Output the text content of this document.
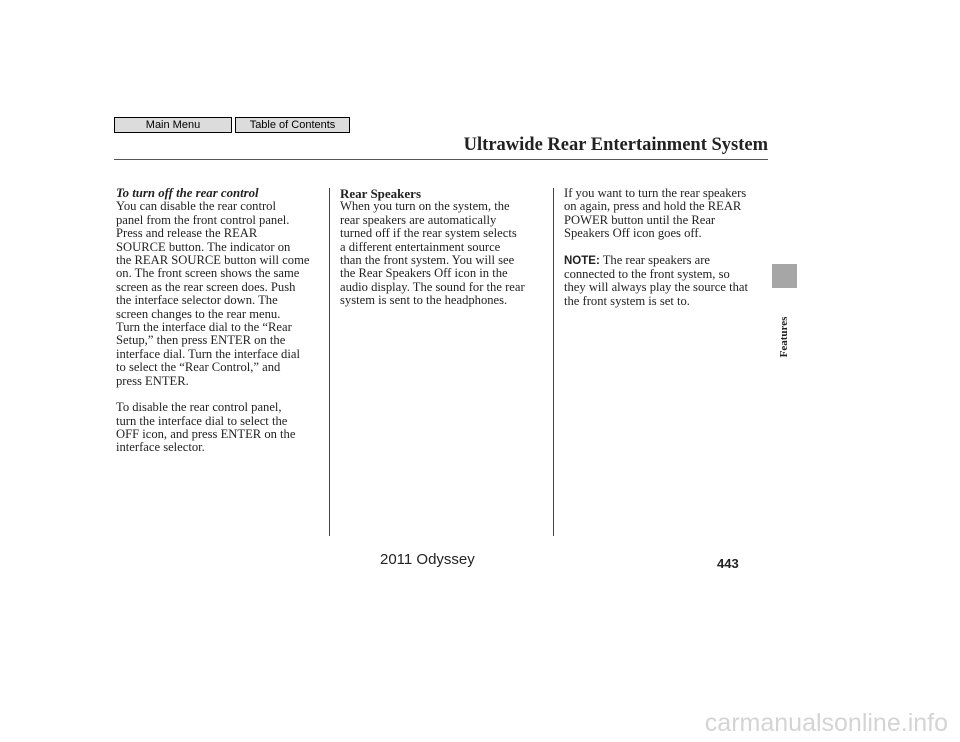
Main Menu	Table of Contents
Ultrawide Rear Entertainment System
Features

To turn off the rear control

You can disable the rear control

panel from the front control panel.

Press and release the REAR

SOURCE button. The indicator on

the REAR SOURCE button will come

on. The front screen shows the same

screen as the rear screen does. Push

the interface selector down. The

screen changes to the rear menu.

Turn the interface dial to the “Rear

Setup,” then press ENTER on the

interface dial. Turn the interface dial

to select the “Rear Control,” and

press ENTER.

To disable the rear control panel,

turn the interface dial to select the

OFF icon, and press ENTER on the

interface selector.

Rear Speakers

When you turn on the system, the

rear speakers are automatically

turned off if the rear system selects

a different entertainment source

than the front system. You will see

the Rear Speakers Off icon in the

audio display. The sound for the rear

system is sent to the headphones.

If you want to turn the rear speakers

on again, press and hold the REAR

POWER button until the Rear

Speakers Off icon goes off.

NOTE: The rear speakers are

connected to the front system, so

they will always play the source that

the front system is set to.

2011 Odyssey	443
carmanualsonline.info
